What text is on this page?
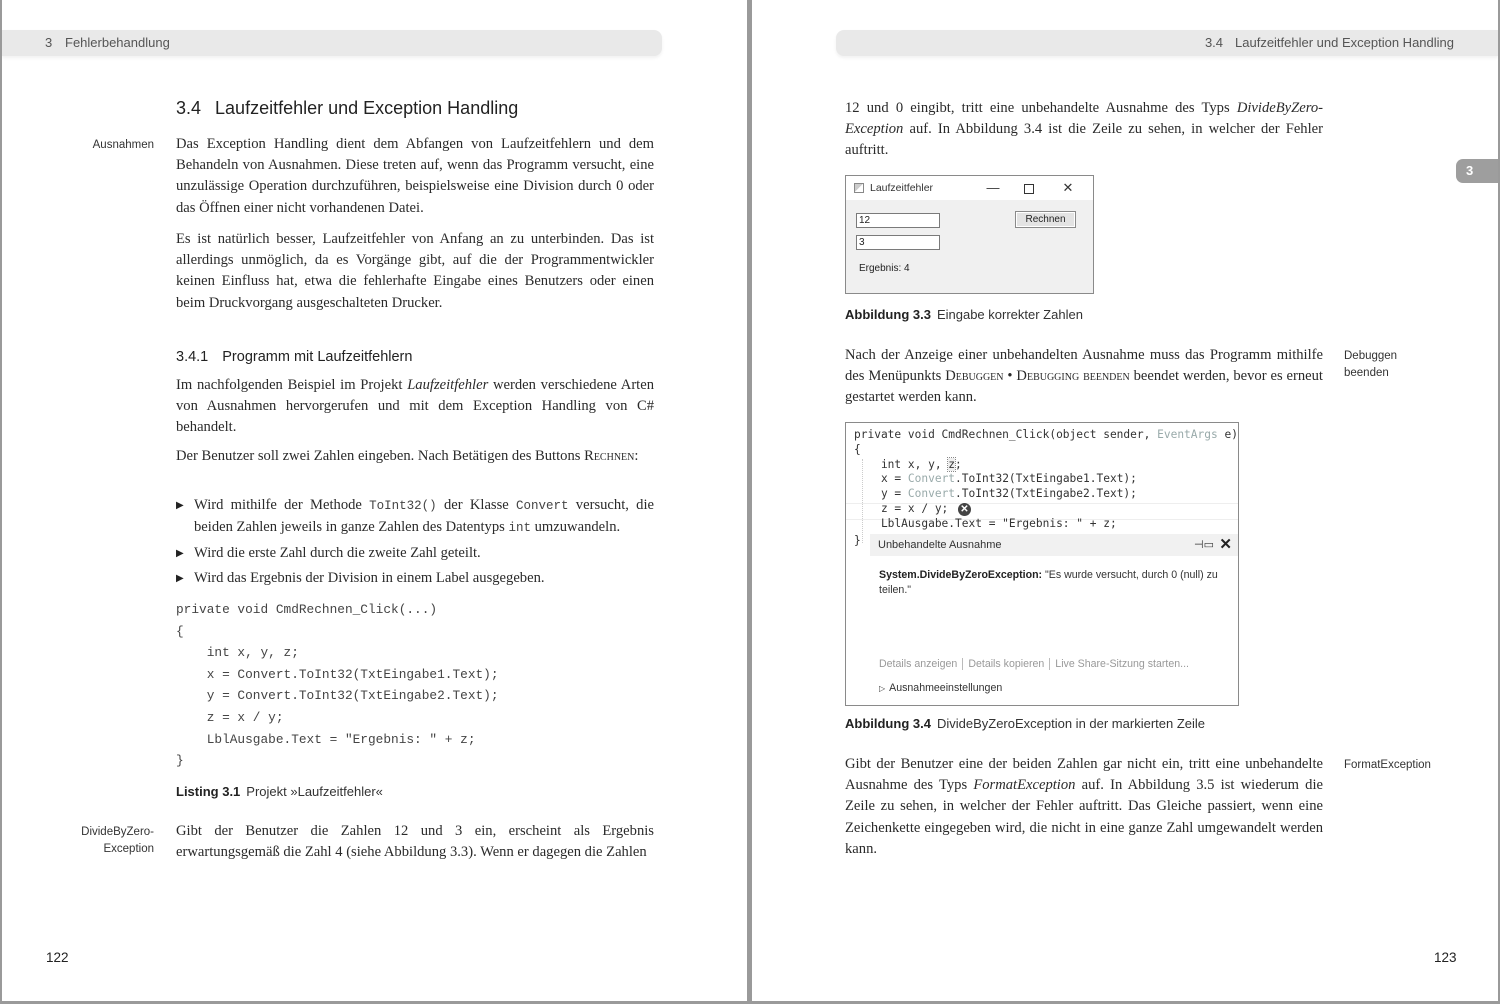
3 Fehlerbehandlung
3.4 Laufzeitfehler und Exception Handling
Ausnahmen Das Exception Handling dient dem Abfangen von Laufzeitfehlern und dem Behandeln von Ausnahmen. Diese treten auf, wenn das Programm versucht, eine unzulässige Operation durchzuführen, beispielsweise eine Division durch 0 oder das Öffnen einer nicht vorhandenen Datei.
Es ist natürlich besser, Laufzeitfehler von Anfang an zu unterbinden. Das ist allerdings unmöglich, da es Vorgänge gibt, auf die der Programmentwickler keinen Einfluss hat, etwa die fehlerhafte Eingabe eines Benutzers oder einen beim Druckvorgang ausgeschalteten Drucker.
3.4.1 Programm mit Laufzeitfehlern
Im nachfolgenden Beispiel im Projekt Laufzeitfehler werden verschiedene Arten von Ausnahmen hervorgerufen und mit dem Exception Handling von C# behandelt.
Der Benutzer soll zwei Zahlen eingeben. Nach Betätigen des Buttons Rechnen:
▶ Wird mithilfe der Methode ToInt32() der Klasse Convert versucht, die beiden Zahlen jeweils in ganze Zahlen des Datentyps int umzuwandeln.
▶ Wird die erste Zahl durch die zweite Zahl geteilt.
▶ Wird das Ergebnis der Division in einem Label ausgegeben.
private void CmdRechnen_Click(...)
{
int x, y, z;
x = Convert.ToInt32(TxtEingabe1.Text);
y = Convert.ToInt32(TxtEingabe2.Text);
z = x / y;
LblAusgabe.Text = "Ergebnis: " + z;
}
Listing 3.1 Projekt »Laufzeitfehler«
DivideByZero-
Exception
Gibt der Benutzer die Zahlen 12 und 3 ein, erscheint als Ergebnis erwartungsgemäß die Zahl 4 (siehe Abbildung 3.3). Wenn er dagegen die Zahlen
122
3.4 Laufzeitfehler und Exception Handling
3
12 und 0 eingibt, tritt eine unbehandelte Ausnahme des Typs DivideByZero-Exception auf. In Abbildung 3.4 ist die Zeile zu sehen, in welcher der Fehler auftritt.
Laufzeitfehler	—	✕
12
3
Rechnen
Ergebnis: 4
Abbildung 3.3 Eingabe korrekter Zahlen
Nach der Anzeige einer unbehandelten Ausnahme muss das Programm mithilfe des Menüpunkts Debuggen • Debugging beenden beendet werden, bevor es erneut gestartet werden kann.
Debuggen
beenden
private void CmdRechnen_Click(object sender, EventArgs e)
{
int x, y, z;
x = Convert.ToInt32(TxtEingabe1.Text);
y = Convert.ToInt32(TxtEingabe2.Text);
z = x / y;
LblAusgabe.Text = "Ergebnis: " + z;
✕
}	Unbehandelte Ausnahme	⊣▭ ✕
System.DivideByZeroException: "Es wurde versucht, durch 0 (null) zu teilen."
Details anzeigen Details kopieren Live Share-Sitzung starten...
▷ Ausnahmeeinstellungen
Abbildung 3.4 DivideByZeroException in der markierten Zeile
Gibt der Benutzer eine der beiden Zahlen gar nicht ein, tritt eine unbehandelte Ausnahme des Typs FormatException auf. In Abbildung 3.5 ist wiederum die Zeile zu sehen, in welcher der Fehler auftritt. Das Gleiche passiert, wenn eine Zeichenkette eingegeben wird, die nicht in eine ganze Zahl umgewandelt werden kann.
FormatException
123
